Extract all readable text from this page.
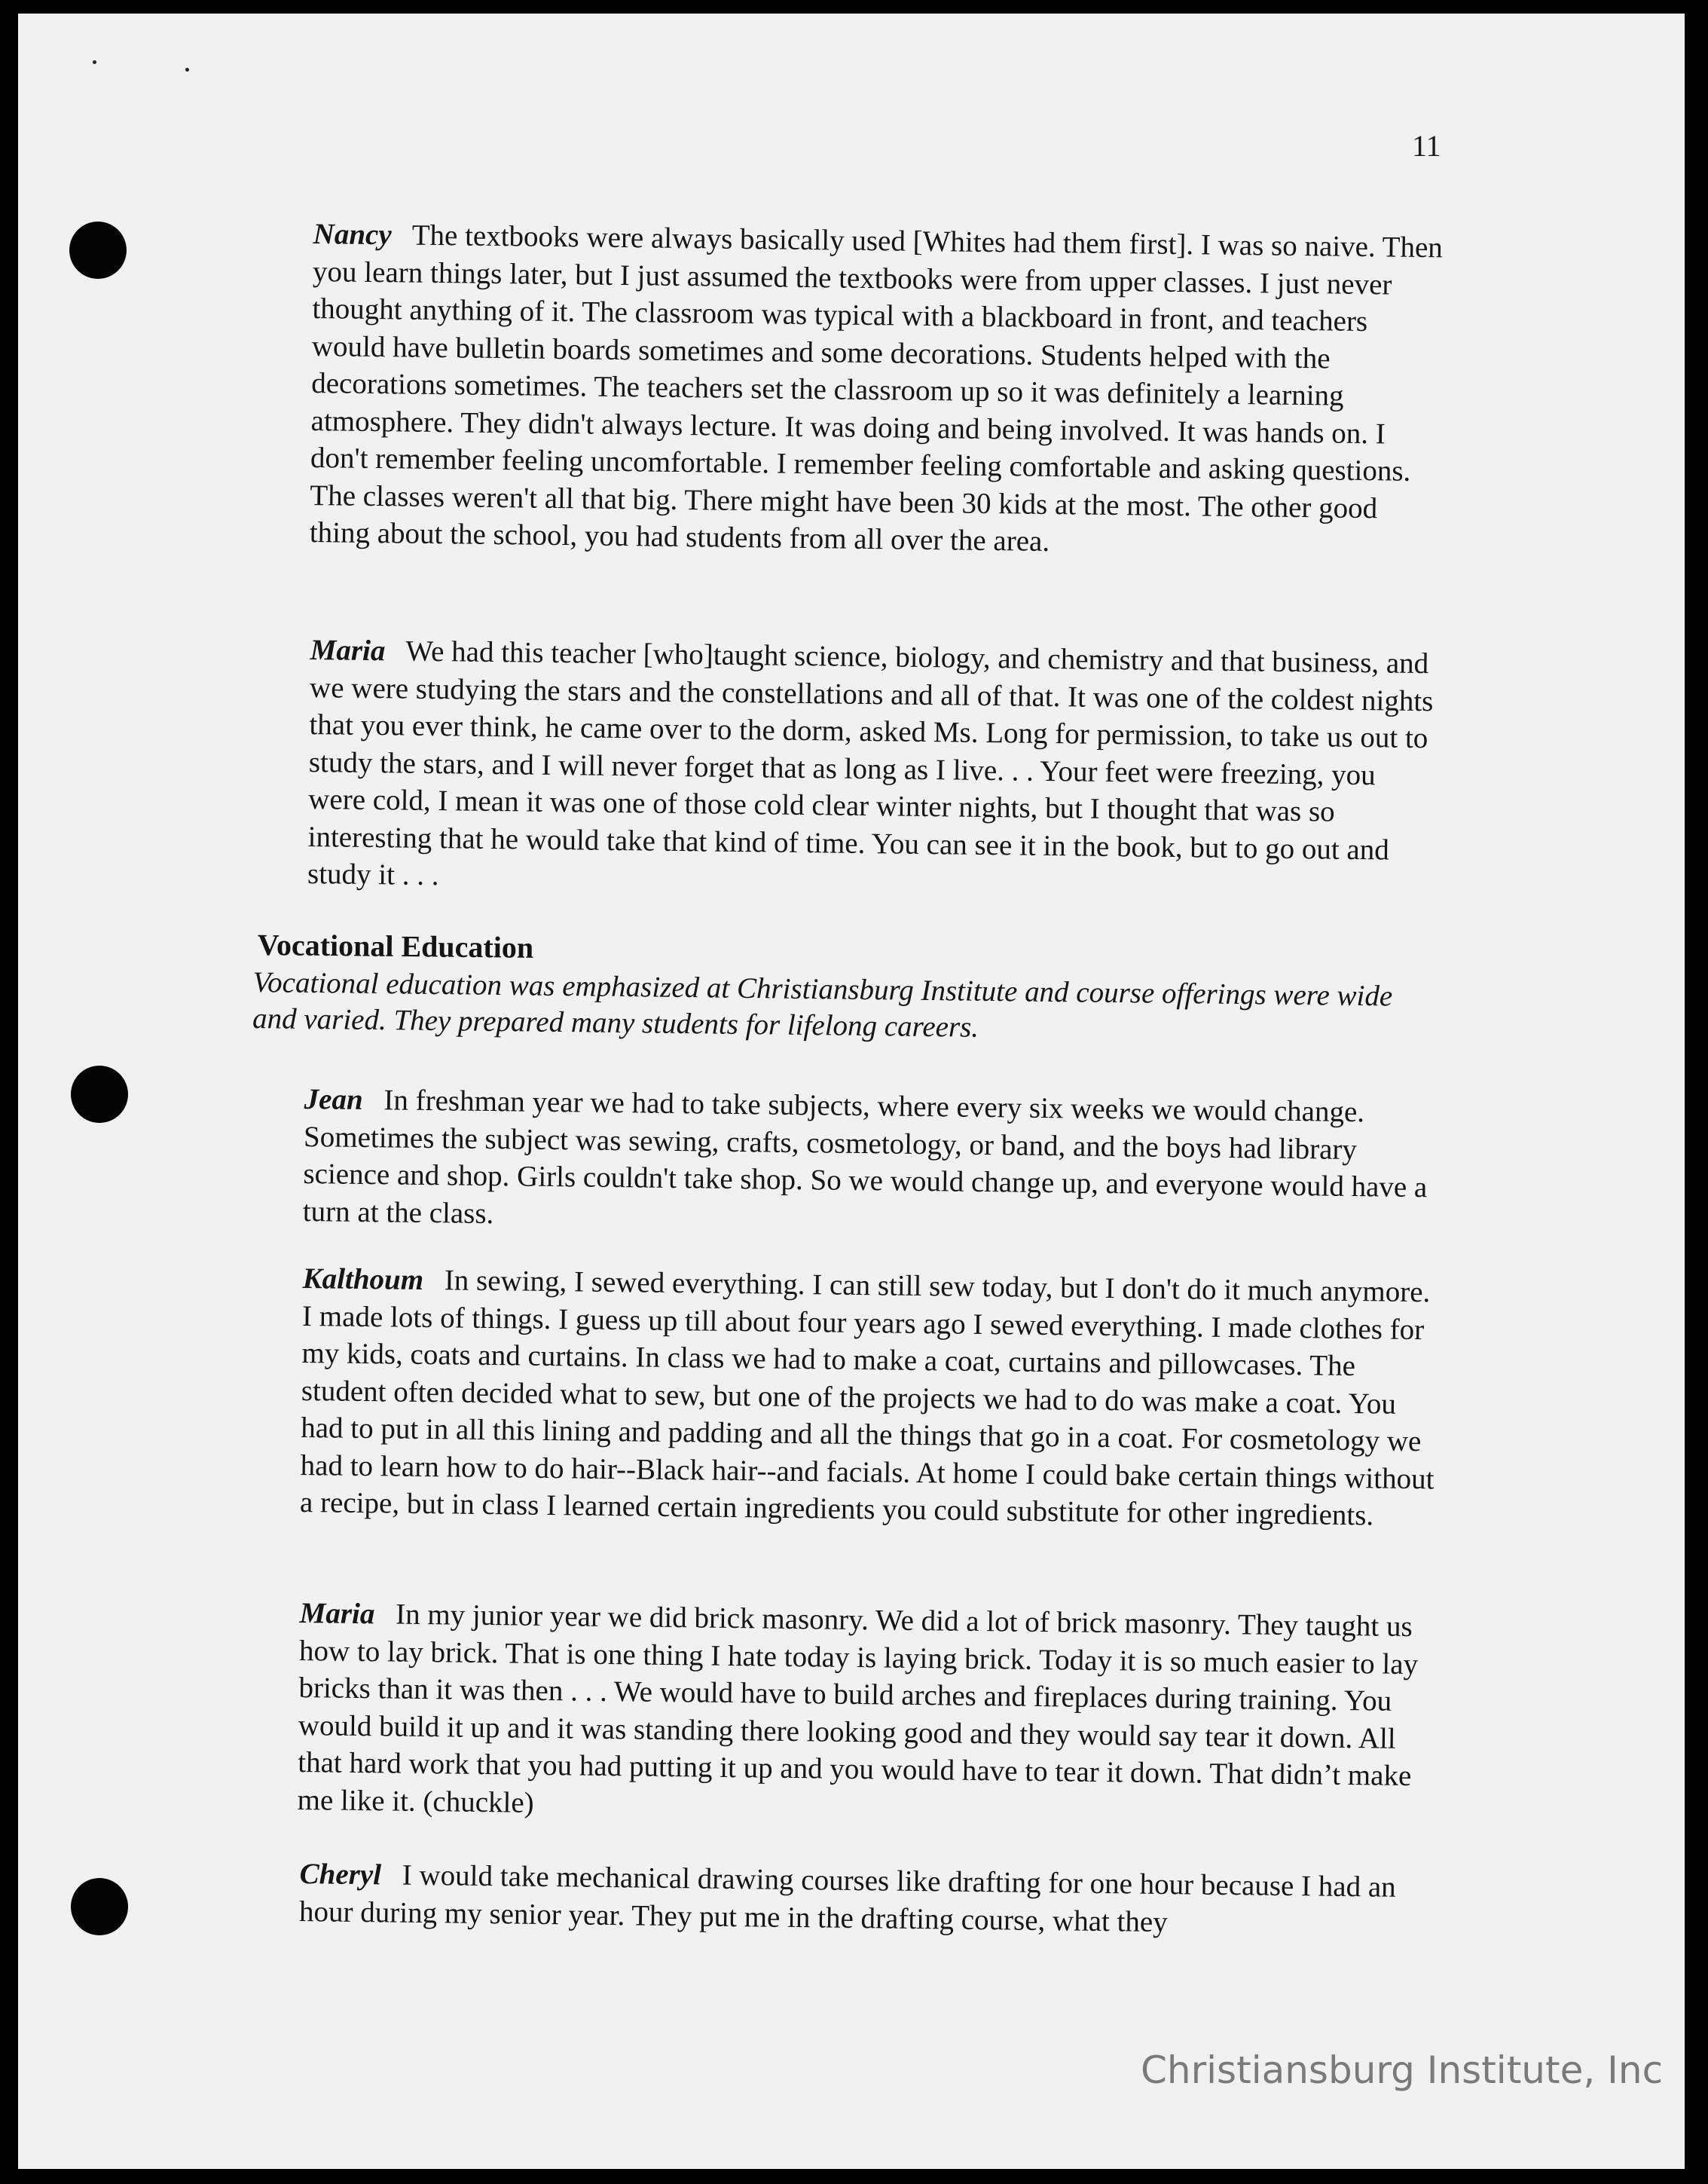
11
Nancy The textbooks were always basically used [Whites had them first]. I was so naive. Then you learn things later, but I just assumed the textbooks were from upper classes. I just never thought anything of it. The classroom was typical with a blackboard in front, and teachers would have bulletin boards sometimes and some decorations. Students helped with the decorations sometimes. The teachers set the classroom up so it was definitely a learning atmosphere. They didn't always lecture. It was doing and being involved. It was hands on. I don't remember feeling uncomfortable. I remember feeling comfortable and asking questions. The classes weren't all that big. There might have been 30 kids at the most. The other good thing about the school, you had students from all over the area.
Maria We had this teacher [who]taught science, biology, and chemistry and that business, and we were studying the stars and the constellations and all of that. It was one of the coldest nights that you ever think, he came over to the dorm, asked Ms. Long for permission, to take us out to study the stars, and I will never forget that as long as I live. . . Your feet were freezing, you were cold, I mean it was one of those cold clear winter nights, but I thought that was so interesting that he would take that kind of time. You can see it in the book, but to go out and study it . . .
Vocational Education
Vocational education was emphasized at Christiansburg Institute and course offerings were wide and varied. They prepared many students for lifelong careers.
Jean In freshman year we had to take subjects, where every six weeks we would change. Sometimes the subject was sewing, crafts, cosmetology, or band, and the boys had library science and shop. Girls couldn't take shop. So we would change up, and everyone would have a turn at the class.
Kalthoum In sewing, I sewed everything. I can still sew today, but I don't do it much anymore. I made lots of things. I guess up till about four years ago I sewed everything. I made clothes for my kids, coats and curtains. In class we had to make a coat, curtains and pillowcases. The student often decided what to sew, but one of the projects we had to do was make a coat. You had to put in all this lining and padding and all the things that go in a coat. For cosmetology we had to learn how to do hair--Black hair--and facials. At home I could bake certain things without a recipe, but in class I learned certain ingredients you could substitute for other ingredients.
Maria In my junior year we did brick masonry. We did a lot of brick masonry. They taught us how to lay brick. That is one thing I hate today is laying brick. Today it is so much easier to lay bricks than it was then . . . We would have to build arches and fireplaces during training. You would build it up and it was standing there looking good and they would say tear it down. All that hard work that you had putting it up and you would have to tear it down. That didn’t make me like it. (chuckle)
Cheryl I would take mechanical drawing courses like drafting for one hour because I had an hour during my senior year. They put me in the drafting course, what they
Christiansburg Institute, Inc
